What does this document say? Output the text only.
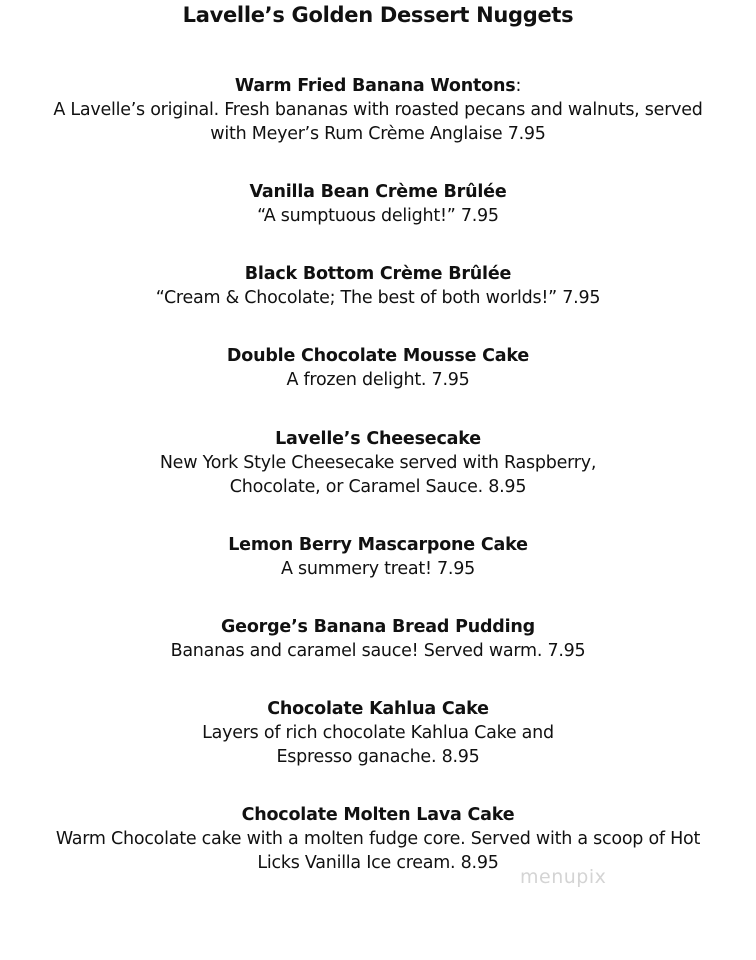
Lavelle’s Golden Dessert Nuggets
Warm Fried Banana Wontons:
A Lavelle’s original. Fresh bananas with roasted pecans and walnuts, served
with Meyer’s Rum Crème Anglaise 7.95
Vanilla Bean Crème Brûlée
“A sumptuous delight!” 7.95
Black Bottom Crème Brûlée
“Cream & Chocolate; The best of both worlds!” 7.95
Double Chocolate Mousse Cake
A frozen delight. 7.95
Lavelle’s Cheesecake
New York Style Cheesecake served with Raspberry,
Chocolate, or Caramel Sauce. 8.95
Lemon Berry Mascarpone Cake
A summery treat! 7.95
George’s Banana Bread Pudding
Bananas and caramel sauce! Served warm. 7.95
Chocolate Kahlua Cake
Layers of rich chocolate Kahlua Cake and
Espresso ganache. 8.95
Chocolate Molten Lava Cake
Warm Chocolate cake with a molten fudge core. Served with a scoop of Hot
Licks Vanilla Ice cream. 8.95
menupix
